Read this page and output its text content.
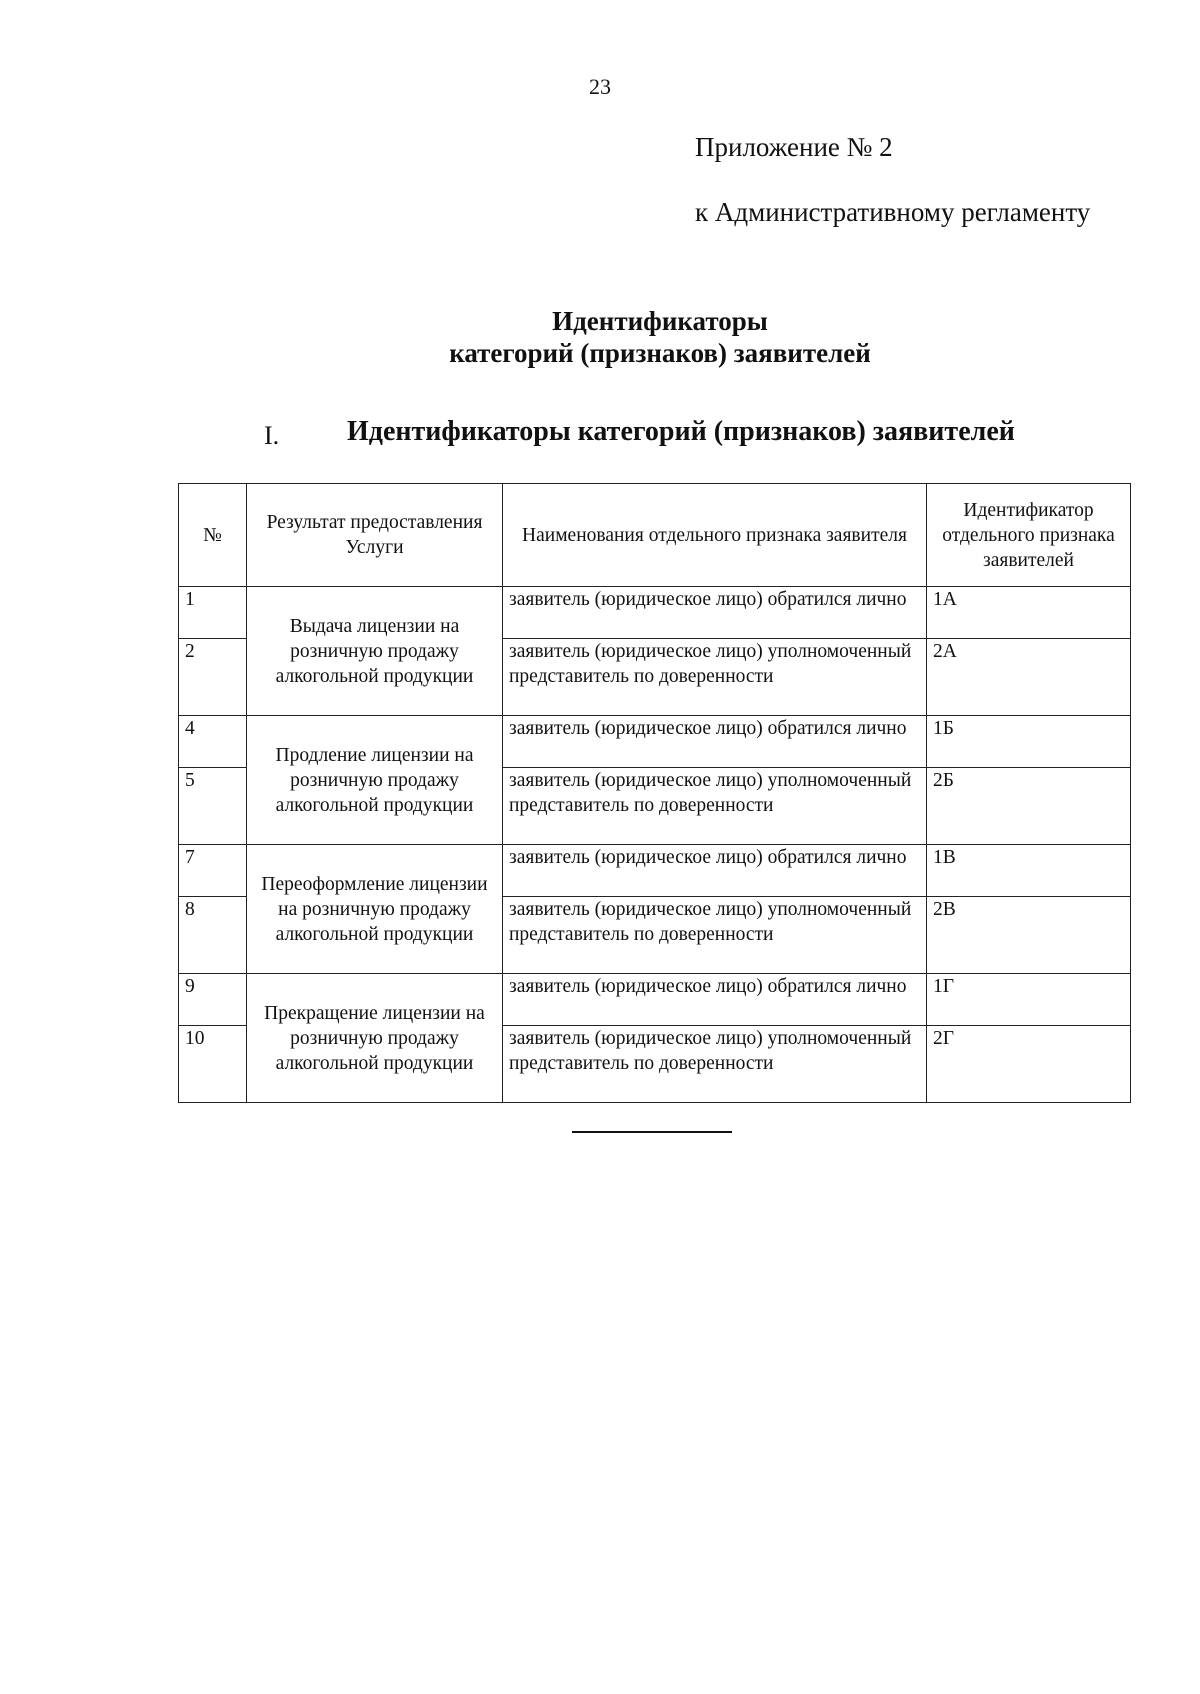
23
Приложение № 2
к Административному регламенту
Идентификаторы
категорий (признаков) заявителей
I. Идентификаторы категорий (признаков) заявителей
№	Результат предоставления Услуги	Наименования отдельного признака заявителя	Идентификатор отдельного признака заявителей
1	Выдача лицензии на розничную продажу алкогольной продукции	заявитель (юридическое лицо) обратился лично	1А
2		заявитель (юридическое лицо) уполномоченный представитель по доверенности	2А
4	Продление лицензии на розничную продажу алкогольной продукции	заявитель (юридическое лицо) обратился лично	1Б
5		заявитель (юридическое лицо) уполномоченный представитель по доверенности	2Б
7	Переоформление лицензии на розничную продажу алкогольной продукции	заявитель (юридическое лицо) обратился лично	1В
8		заявитель (юридическое лицо) уполномоченный представитель по доверенности	2В
9	Прекращение лицензии на розничную продажу алкогольной продукции	заявитель (юридическое лицо) обратился лично	1Г
10		заявитель (юридическое лицо) уполномоченный представитель по доверенности	2Г
